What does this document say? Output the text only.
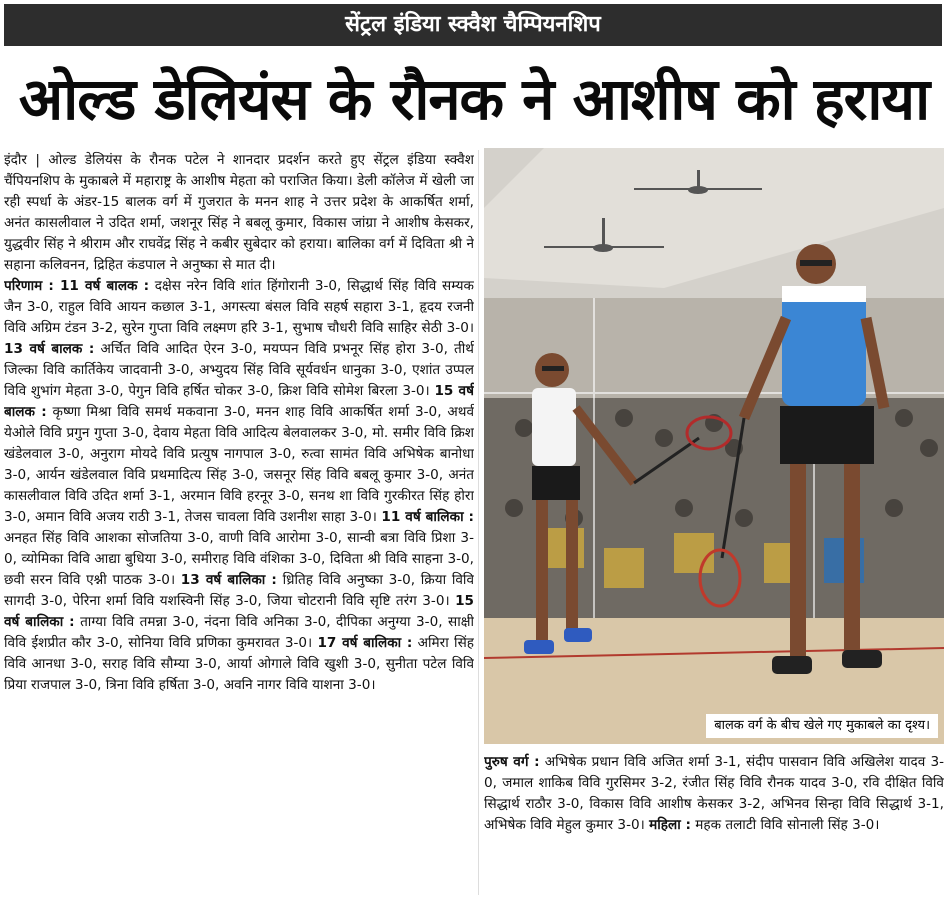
सेंट्रल इंडिया स्क्वैश चैम्पियनशिप
ओल्ड डेलियंस के रौनक ने आशीष को हराया

इंदौर | ओल्ड डेलियंस के रौनक पटेल ने शानदार प्रदर्शन करते हुए सेंट्रल इंडिया स्क्वैश चैंपियनशिप के मुकाबले में महाराष्ट्र के आशीष मेहता को पराजित किया। डेली कॉलेज में खेली जा रही स्पर्धा के अंडर-15 बालक वर्ग में गुजरात के मनन शाह ने उत्तर प्रदेश के आकर्षित शर्मा, अनंत कासलीवाल ने उदित शर्मा, जशनूर सिंह ने बबलू कुमार, विकास जांग्रा ने आशीष केसकर, युद्धवीर सिंह ने श्रीराम और राघवेंद्र सिंह ने कबीर सुबेदार को हराया। बालिका वर्ग में दिविता श्री ने सहाना कलिवनन, द्रिहित कंडपाल ने अनुष्का से मात दी।

परिणाम : 11 वर्ष बालक : दक्षेस नरेन विवि शांत हिंगोरानी 3-0, सिद्धार्थ सिंह विवि सम्यक जैन 3-0, राहुल विवि आयन कछाल 3-1, अगस्त्या बंसल विवि सहर्ष सहारा 3-1, हृदय रजनी विवि अग्रिम टंडन 3-2, सुरेन गुप्ता विवि लक्ष्मण हरि 3-1, सुभाष चौधरी विवि साहिर सेठी 3-0। 13 वर्ष बालक : अर्चित विवि आदित ऐरन 3-0, मयप्पन विवि प्रभनूर सिंह होरा 3-0, तीर्थ जिल्का विवि कार्तिकेय जादवानी 3-0, अभ्युदय सिंह विवि सूर्यवर्धन धानुका 3-0, एशांत उप्पल विवि शुभांग मेहता 3-0, पेगुन विवि हर्षित चोकर 3-0, क्रिश विवि सोमेश बिरला 3-0। 15 वर्ष बालक : कृष्णा मिश्रा विवि समर्थ मकवाना 3-0, मनन शाह विवि आकर्षित शर्मा 3-0, अथर्व येओले विवि प्रगुन गुप्ता 3-0, देवाय मेहता विवि आदित्य बेलवालकर 3-0, मो. समीर विवि क्रिश खंडेलवाल 3-0, अनुराग मोयदे विवि प्रत्युष नागपाल 3-0, रुत्वा सामंत विवि अभिषेक बानोधा 3-0, आर्यन खंडेलवाल विवि प्रथमादित्य सिंह 3-0, जसनूर सिंह विवि बबलू कुमार 3-0, अनंत कासलीवाल विवि उदित शर्मा 3-1, अरमान विवि हरनूर 3-0, सनथ शा विवि गुरकीरत सिंह होरा 3-0, अमान विवि अजय राठी 3-1, तेजस चावला विवि उशनीश साहा 3-0। 11 वर्ष बालिका : अनहत सिंह विवि आशका सोजतिया 3-0, वाणी विवि आरोमा 3-0, सान्वी बत्रा विवि प्रिशा 3-0, व्योमिका विवि आद्या बुधिया 3-0, समीराह विवि वंशिका 3-0, दिविता श्री विवि साहना 3-0, छवी सरन विवि एश्नी पाठक 3-0। 13 वर्ष बालिका : ध्रितिह विवि अनुष्का 3-0, क्रिया विवि सागदी 3-0, पेरिना शर्मा विवि यशस्विनी सिंह 3-0, जिया चोटरानी विवि सृष्टि तरंग 3-0। 15 वर्ष बालिका : ताग्या विवि तमन्ना 3-0, नंदना विवि अनिका 3-0, दीपिका अनुग्या 3-0, साक्षी विवि ईशप्रीत कौर 3-0, सोनिया विवि प्रणिका कुमरावत 3-0। 17 वर्ष बालिका : अमिरा सिंह विवि आनधा 3-0, सराह विवि सौम्या 3-0, आर्या ओगाले विवि खुशी 3-0, सुनीता पटेल विवि प्रिया राजपाल 3-0, त्रिना विवि हर्षिता 3-0, अवनि नागर विवि याशना 3-0।

बालक वर्ग के बीच खेले गए मुकाबले का दृश्य।

पुरुष वर्ग : अभिषेक प्रधान विवि अजित शर्मा 3-1, संदीप पासवान विवि अखिलेश यादव 3-0, जमाल शाकिब विवि गुरसिमर 3-2, रंजीत सिंह विवि रौनक यादव 3-0, रवि दीक्षित विवि सिद्धार्थ राठौर 3-0, विकास विवि आशीष केसकर 3-2, अभिनव सिन्हा विवि सिद्धार्थ 3-1, अभिषेक विवि मेहुल कुमार 3-0। महिला : महक तलाटी विवि सोनाली सिंह 3-0।
